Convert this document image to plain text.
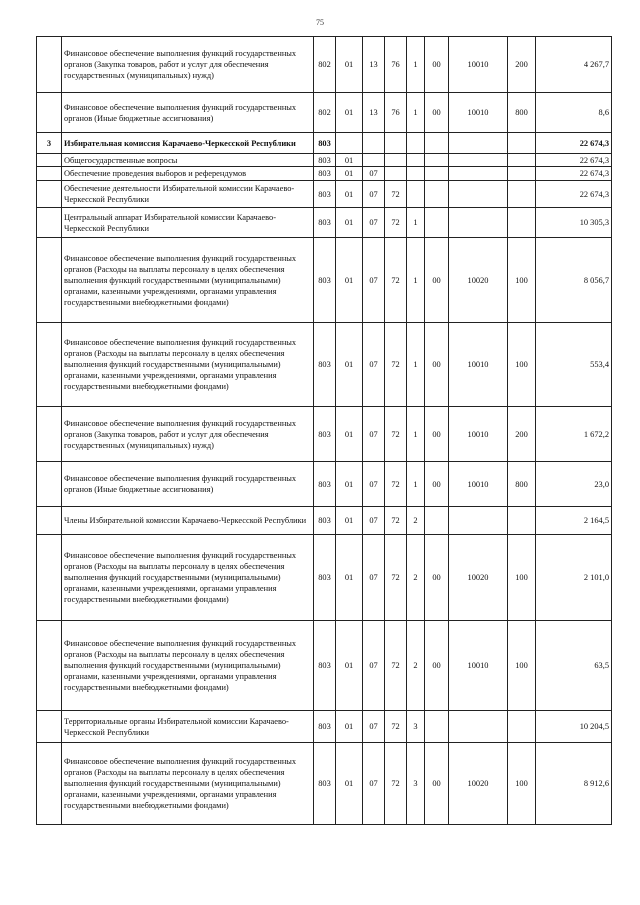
75
	Финансовое обеспечение выполнения функций государственных органов (Закупка товаров, работ и услуг для обеспечения государственных (муниципальных) нужд)	802	01	13	76	1	00	10010	200	4 267,7
	Финансовое обеспечение выполнения функций государственных органов (Иные бюджетные ассигнования)	802	01	13	76	1	00	10010	800	8,6
3	Избирательная комиссия Карачаево-Черкесской Республики	803								22 674,3
	Общегосударственные вопросы	803	01							22 674,3
	Обеспечение проведения выборов и референдумов	803	01	07						22 674,3
	Обеспечение деятельности Избирательной комиссии Карачаево-Черкесской Республики	803	01	07	72					22 674,3
	Центральный аппарат Избирательной комиссии Карачаево-Черкесской Республики	803	01	07	72	1				10 305,3
	Финансовое обеспечение выполнения функций государственных органов (Расходы на выплаты персоналу в целях обеспечения выполнения функций государственными (муниципальными) органами, казенными учреждениями, органами управления государственными внебюджетными фондами)	803	01	07	72	1	00	10020	100	8 056,7
	Финансовое обеспечение выполнения функций государственных органов (Расходы на выплаты персоналу в целях обеспечения выполнения функций государственными (муниципальными) органами, казенными учреждениями, органами управления государственными внебюджетными фондами)	803	01	07	72	1	00	10010	100	553,4
	Финансовое обеспечение выполнения функций государственных органов (Закупка товаров, работ и услуг для обеспечения государственных (муниципальных) нужд)	803	01	07	72	1	00	10010	200	1 672,2
	Финансовое обеспечение выполнения функций государственных органов (Иные бюджетные ассигнования)	803	01	07	72	1	00	10010	800	23,0
	Члены Избирательной комиссии Карачаево-Черкесской Республики	803	01	07	72	2				2 164,5
	Финансовое обеспечение выполнения функций государственных органов (Расходы на выплаты персоналу в целях обеспечения выполнения функций государственными (муниципальными) органами, казенными учреждениями, органами управления государственными внебюджетными фондами)	803	01	07	72	2	00	10020	100	2 101,0
	Финансовое обеспечение выполнения функций государственных органов (Расходы на выплаты персоналу в целях обеспечения выполнения функций государственными (муниципальными) органами, казенными учреждениями, органами управления государственными внебюджетными фондами)	803	01	07	72	2	00	10010	100	63,5
	Территориальные органы Избирательной комиссии Карачаево-Черкесской Республики	803	01	07	72	3				10 204,5
	Финансовое обеспечение выполнения функций государственных органов (Расходы на выплаты персоналу в целях обеспечения выполнения функций государственными (муниципальными) органами, казенными учреждениями, органами управления государственными внебюджетными фондами)	803	01	07	72	3	00	10020	100	8 912,6
